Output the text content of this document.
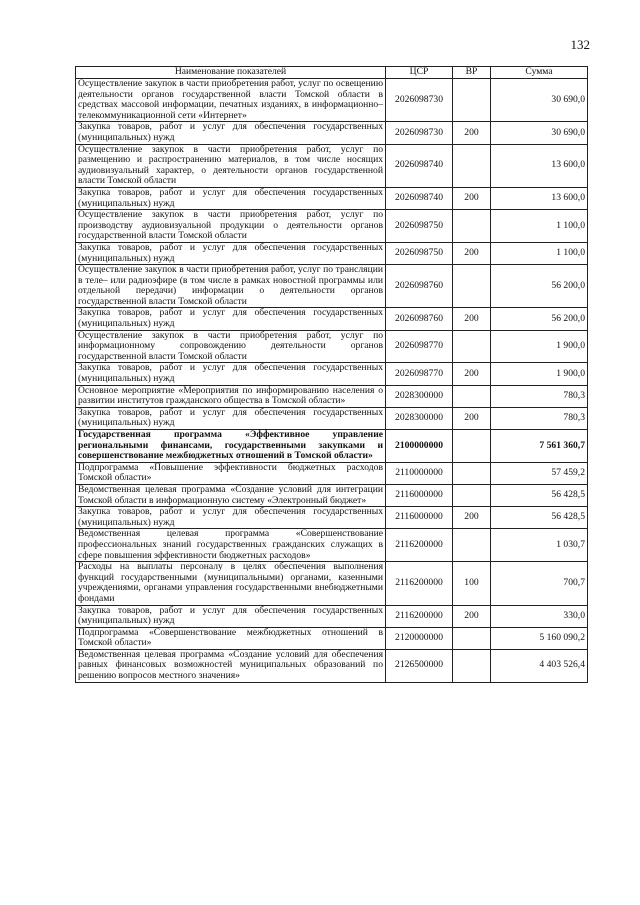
132
Наименование показателей	ЦСР	ВР	Сумма
Осуществление закупок в части приобретения работ, услуг по освещению деятельности органов государственной власти Томской области в средствах массовой информации, печатных изданиях, в информационно–телекоммуникационной сети «Интернет»	2026098730		30 690,0
Закупка товаров, работ и услуг для обеспечения государственных (муниципальных) нужд	2026098730	200	30 690,0
Осуществление закупок в части приобретения работ, услуг по размещению и распространению материалов, в том числе носящих аудиовизуальный характер, о деятельности органов государственной власти Томской области	2026098740		13 600,0
Закупка товаров, работ и услуг для обеспечения государственных (муниципальных) нужд	2026098740	200	13 600,0
Осуществление закупок в части приобретения работ, услуг по производству аудиовизуальной продукции о деятельности органов государственной власти Томской области	2026098750		1 100,0
Закупка товаров, работ и услуг для обеспечения государственных (муниципальных) нужд	2026098750	200	1 100,0
Осуществление закупок в части приобретения работ, услуг по трансляции в теле– или радиоэфире (в том числе в рамках новостной программы или отдельной передачи) информации о деятельности органов государственной власти Томской области	2026098760		56 200,0
Закупка товаров, работ и услуг для обеспечения государственных (муниципальных) нужд	2026098760	200	56 200,0
Осуществление закупок в части приобретения работ, услуг по информационному сопровождению деятельности органов государственной власти Томской области	2026098770		1 900,0
Закупка товаров, работ и услуг для обеспечения государственных (муниципальных) нужд	2026098770	200	1 900,0
Основное мероприятие «Мероприятия по информированию населения о развитии институтов гражданского общества в Томской области»	2028300000		780,3
Закупка товаров, работ и услуг для обеспечения государственных (муниципальных) нужд	2028300000	200	780,3
Государственная программа «Эффективное управление региональными финансами, государственными закупками и совершенствование межбюджетных отношений в Томской области»	2100000000		7 561 360,7
Подпрограмма «Повышение эффективности бюджетных расходов Томской области»	2110000000		57 459,2
Ведомственная целевая программа «Создание условий для интеграции Томской области в информационную систему «Электронный бюджет»	2116000000		56 428,5
Закупка товаров, работ и услуг для обеспечения государственных (муниципальных) нужд	2116000000	200	56 428,5
Ведомственная целевая программа «Совершенствование профессиональных знаний государственных гражданских служащих в сфере повышения эффективности бюджетных расходов»	2116200000		1 030,7
Расходы на выплаты персоналу в целях обеспечения выполнения функций государственными (муниципальными) органами, казенными учреждениями, органами управления государственными внебюджетными фондами	2116200000	100	700,7
Закупка товаров, работ и услуг для обеспечения государственных (муниципальных) нужд	2116200000	200	330,0
Подпрограмма «Совершенствование межбюджетных отношений в Томской области»	2120000000		5 160 090,2
Ведомственная целевая программа «Создание условий для обеспечения равных финансовых возможностей муниципальных образований по решению вопросов местного значения»	2126500000		4 403 526,4
